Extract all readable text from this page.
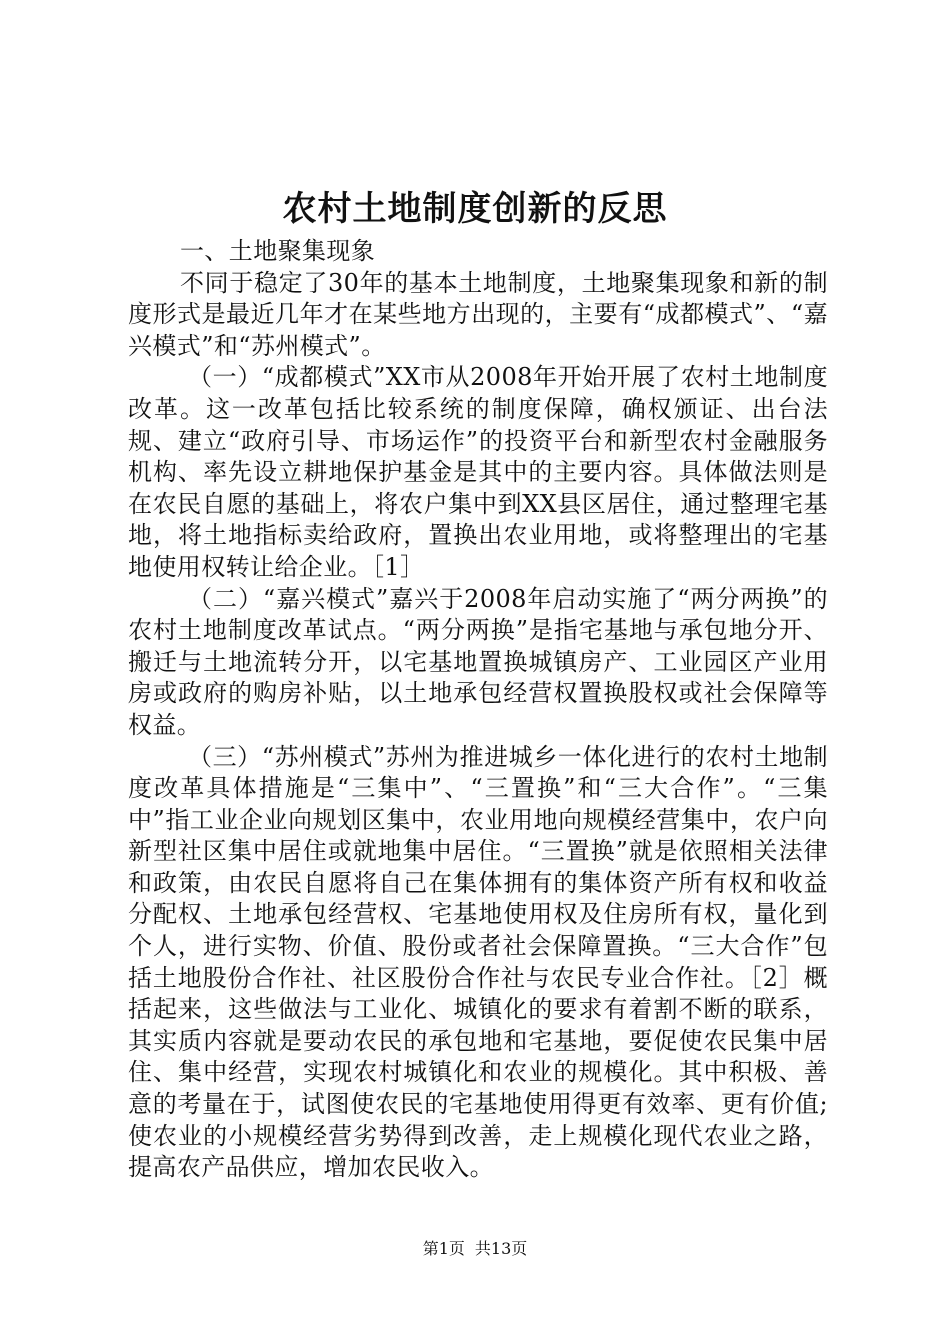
农村土地制度创新的反思

一、土地聚集现象

不同于稳定了30年的基本土地制度，土地聚集现象和新的制度形式是最近几年才在某些地方出现的，主要有“成都模式”、“嘉兴模式”和“苏州模式”。

（一）“成都模式”XX市从2008年开始开展了农村土地制度改革。这一改革包括比较系统的制度保障，确权颁证、出台法规、建立“政府引导、市场运作”的投资平台和新型农村金融服务机构、率先设立耕地保护基金是其中的主要内容。具体做法则是在农民自愿的基础上，将农户集中到XX县区居住，通过整理宅基地，将土地指标卖给政府，置换出农业用地，或将整理出的宅基地使用权转让给企业。［1］

（二）“嘉兴模式”嘉兴于2008年启动实施了“两分两换”的农村土地制度改革试点。“两分两换”是指宅基地与承包地分开、搬迁与土地流转分开，以宅基地置换城镇房产、工业园区产业用房或政府的购房补贴，以土地承包经营权置换股权或社会保障等权益。

（三）“苏州模式”苏州为推进城乡一体化进行的农村土地制度改革具体措施是“三集中”、“三置换”和“三大合作”。“三集中”指工业企业向规划区集中，农业用地向规模经营集中，农户向新型社区集中居住或就地集中居住。“三置换”就是依照相关法律和政策，由农民自愿将自己在集体拥有的集体资产所有权和收益分配权、土地承包经营权、宅基地使用权及住房所有权，量化到个人，进行实物、价值、股份或者社会保障置换。“三大合作”包括土地股份合作社、社区股份合作社与农民专业合作社。［2］概括起来，这些做法与工业化、城镇化的要求有着割不断的联系，其实质内容就是要动农民的承包地和宅基地，要促使农民集中居住、集中经营，实现农村城镇化和农业的规模化。其中积极、善意的考量在于，试图使农民的宅基地使用得更有效率、更有价值;使农业的小规模经营劣势得到改善，走上规模化现代农业之路，提高农产品供应，增加农民收入。

第1页 共13页
